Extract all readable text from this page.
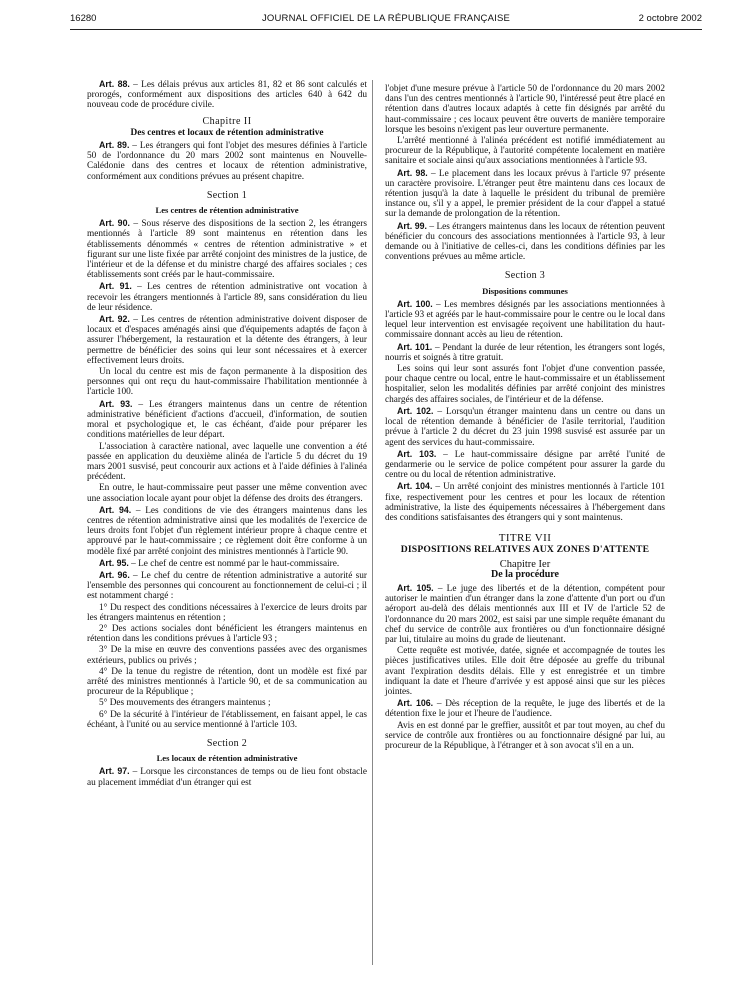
16280	JOURNAL OFFICIEL DE LA RÉPUBLIQUE FRANÇAISE	2 octobre 2002

Art. 88. – Les délais prévus aux articles 81, 82 et 86 sont calculés et prorogés, conformément aux dispositions des articles 640 à 642 du nouveau code de procédure civile.

Chapitre II
Des centres et locaux de rétention administrative

Art. 89. – Les étrangers qui font l'objet des mesures définies à l'article 50 de l'ordonnance du 20 mars 2002 sont maintenus en Nouvelle-Calédonie dans des centres et locaux de rétention administrative, conformément aux conditions prévues au présent chapitre.

Section 1
Les centres de rétention administrative

Art. 90. – Sous réserve des dispositions de la section 2, les étrangers mentionnés à l'article 89 sont maintenus en rétention dans les établissements dénommés « centres de rétention administrative » et figurant sur une liste fixée par arrêté conjoint des ministres de la justice, de l'intérieur et de la défense et du ministre chargé des affaires sociales ; ces établissements sont créés par le haut-commissaire.

Art. 91. – Les centres de rétention administrative ont vocation à recevoir les étrangers mentionnés à l'article 89, sans considération du lieu de leur résidence.

Art. 92. – Les centres de rétention administrative doivent disposer de locaux et d'espaces aménagés ainsi que d'équipements adaptés de façon à assurer l'hébergement, la restauration et la détente des étrangers, à leur permettre de bénéficier des soins qui leur sont nécessaires et à exercer effectivement leurs droits.

Un local du centre est mis de façon permanente à la disposition des personnes qui ont reçu du haut-commissaire l'habilitation mentionnée à l'article 100.

Art. 93. – Les étrangers maintenus dans un centre de rétention administrative bénéficient d'actions d'accueil, d'information, de soutien moral et psychologique et, le cas échéant, d'aide pour préparer les conditions matérielles de leur départ.

L'association à caractère national, avec laquelle une convention a été passée en application du deuxième alinéa de l'article 5 du décret du 19 mars 2001 susvisé, peut concourir aux actions et à l'aide définies à l'alinéa précédent.

En outre, le haut-commissaire peut passer une même convention avec une association locale ayant pour objet la défense des droits des étrangers.

Art. 94. – Les conditions de vie des étrangers maintenus dans les centres de rétention administrative ainsi que les modalités de l'exercice de leurs droits font l'objet d'un règlement intérieur propre à chaque centre et approuvé par le haut-commissaire ; ce règlement doit être conforme à un modèle fixé par arrêté conjoint des ministres mentionnés à l'article 90.

Art. 95. – Le chef de centre est nommé par le haut-commissaire.

Art. 96. – Le chef du centre de rétention administrative a autorité sur l'ensemble des personnes qui concourent au fonctionnement de celui-ci ; il est notamment chargé :

1° Du respect des conditions nécessaires à l'exercice de leurs droits par les étrangers maintenus en rétention ;

2° Des actions sociales dont bénéficient les étrangers maintenus en rétention dans les conditions prévues à l'article 93 ;

3° De la mise en œuvre des conventions passées avec des organismes extérieurs, publics ou privés ;

4° De la tenue du registre de rétention, dont un modèle est fixé par arrêté des ministres mentionnés à l'article 90, et de sa communication au procureur de la République ;

5° Des mouvements des étrangers maintenus ;

6° De la sécurité à l'intérieur de l'établissement, en faisant appel, le cas échéant, à l'unité ou au service mentionné à l'article 103.

Section 2
Les locaux de rétention administrative

Art. 97. – Lorsque les circonstances de temps ou de lieu font obstacle au placement immédiat d'un étranger qui est

l'objet d'une mesure prévue à l'article 50 de l'ordonnance du 20 mars 2002 dans l'un des centres mentionnés à l'article 90, l'intéressé peut être placé en rétention dans d'autres locaux adaptés à cette fin désignés par arrêté du haut-commissaire ; ces locaux peuvent être ouverts de manière temporaire lorsque les besoins n'exigent pas leur ouverture permanente.

L'arrêté mentionné à l'alinéa précédent est notifié immédiatement au procureur de la République, à l'autorité compétente localement en matière sanitaire et sociale ainsi qu'aux associations mentionnées à l'article 93.

Art. 98. – Le placement dans les locaux prévus à l'article 97 présente un caractère provisoire. L'étranger peut être maintenu dans ces locaux de rétention jusqu'à la date à laquelle le président du tribunal de première instance ou, s'il y a appel, le premier président de la cour d'appel a statué sur la demande de prolongation de la rétention.

Art. 99. – Les étrangers maintenus dans les locaux de rétention peuvent bénéficier du concours des associations mentionnées à l'article 93, à leur demande ou à l'initiative de celles-ci, dans les conditions définies par les conventions prévues au même article.

Section 3
Dispositions communes

Art. 100. – Les membres désignés par les associations mentionnées à l'article 93 et agréés par le haut-commissaire pour le centre ou le local dans lequel leur intervention est envisagée reçoivent une habilitation du haut-commissaire donnant accès au lieu de rétention.

Art. 101. – Pendant la durée de leur rétention, les étrangers sont logés, nourris et soignés à titre gratuit.

Les soins qui leur sont assurés font l'objet d'une convention passée, pour chaque centre ou local, entre le haut-commissaire et un établissement hospitalier, selon les modalités définies par arrêté conjoint des ministres chargés des affaires sociales, de l'intérieur et de la défense.

Art. 102. – Lorsqu'un étranger maintenu dans un centre ou dans un local de rétention demande à bénéficier de l'asile territorial, l'audition prévue à l'article 2 du décret du 23 juin 1998 susvisé est assurée par un agent des services du haut-commissaire.

Art. 103. – Le haut-commissaire désigne par arrêté l'unité de gendarmerie ou le service de police compétent pour assurer la garde du centre ou du local de rétention administrative.

Art. 104. – Un arrêté conjoint des ministres mentionnés à l'article 101 fixe, respectivement pour les centres et pour les locaux de rétention administrative, la liste des équipements nécessaires à l'hébergement dans des conditions satisfaisantes des étrangers qui y sont maintenus.

TITRE VII
DISPOSITIONS RELATIVES AUX ZONES D'ATTENTE
Chapitre Ier
De la procédure

Art. 105. – Le juge des libertés et de la détention, compétent pour autoriser le maintien d'un étranger dans la zone d'attente d'un port ou d'un aéroport au-delà des délais mentionnés aux III et IV de l'article 52 de l'ordonnance du 20 mars 2002, est saisi par une simple requête émanant du chef du service de contrôle aux frontières ou d'un fonctionnaire désigné par lui, titulaire au moins du grade de lieutenant.

Cette requête est motivée, datée, signée et accompagnée de toutes les pièces justificatives utiles. Elle doit être déposée au greffe du tribunal avant l'expiration desdits délais. Elle y est enregistrée et un timbre indiquant la date et l'heure d'arrivée y est apposé ainsi que sur les pièces jointes.

Art. 106. – Dès réception de la requête, le juge des libertés et de la détention fixe le jour et l'heure de l'audience.

Avis en est donné par le greffier, aussitôt et par tout moyen, au chef du service de contrôle aux frontières ou au fonctionnaire désigné par lui, au procureur de la République, à l'étranger et à son avocat s'il en a un.
